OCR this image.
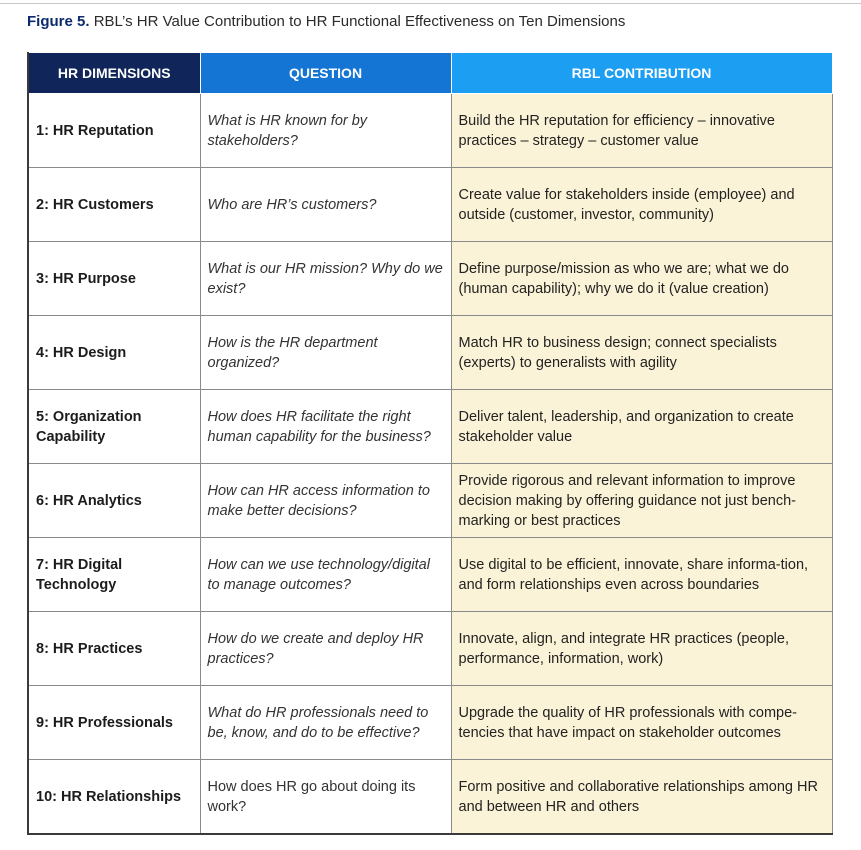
Figure 5. RBL’s HR Value Contribution to HR Functional Effectiveness on Ten Dimensions
HR DIMENSIONS	QUESTION	RBL CONTRIBUTION
1: HR Reputation	What is HR known for by stakeholders?	Build the HR reputation for efficiency – innovative practices – strategy – customer value
2: HR Customers	Who are HR’s customers?	Create value for stakeholders inside (employee) and outside (customer, investor, community)
3: HR Purpose	What is our HR mission? Why do we exist?	Define purpose/mission as who we are; what we do (human capability); why we do it (value creation)
4: HR Design	How is the HR department organized?	Match HR to business design; connect specialists (experts) to generalists with agility
5: Organization Capability	How does HR facilitate the right human capability for the business?	Deliver talent, leadership, and organization to create stakeholder value
6: HR Analytics	How can HR access information to make better decisions?	Provide rigorous and relevant information to improve decision making by offering guidance not just bench-marking or best practices
7: HR Digital Technology	How can we use technology/digital to manage outcomes?	Use digital to be efficient, innovate, share informa-tion, and form relationships even across boundaries
8: HR Practices	How do we create and deploy HR practices?	Innovate, align, and integrate HR practices (people, performance, information, work)
9: HR Professionals	What do HR professionals need to be, know, and do to be effective?	Upgrade the quality of HR professionals with compe-tencies that have impact on stakeholder outcomes
10: HR Relationships	How does HR go about doing its work?	Form positive and collaborative relationships among HR and between HR and others
